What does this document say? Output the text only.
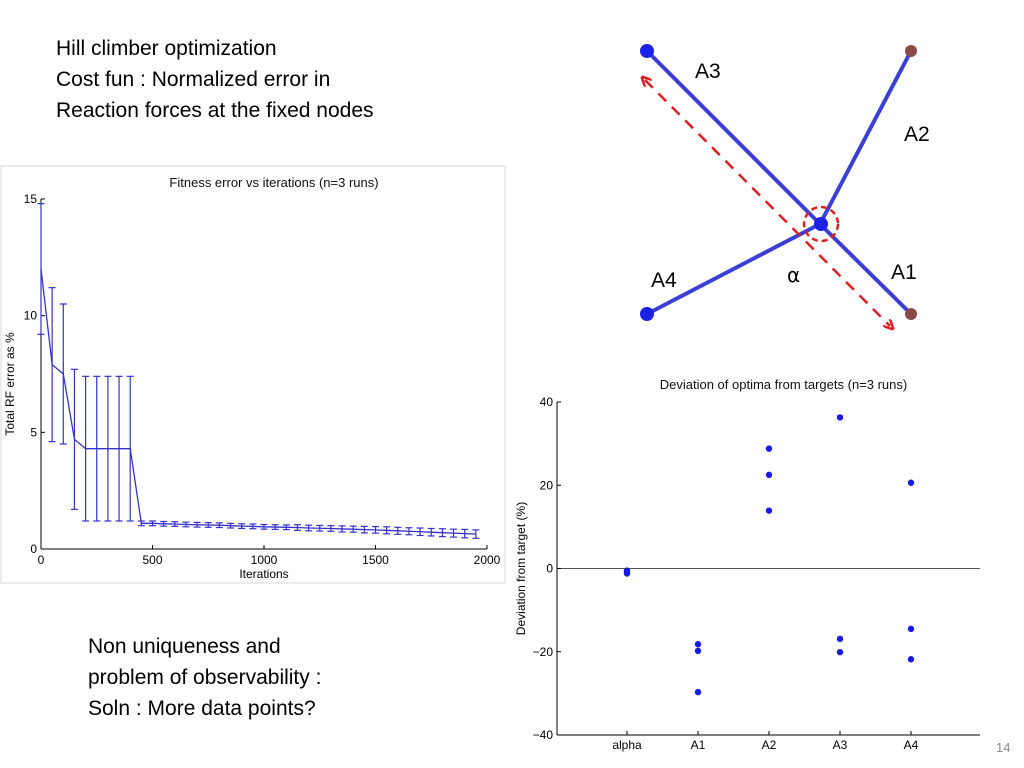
Hill climber optimization
Cost fun : Normalized error in
Reaction forces at the fixed nodes
Non uniqueness and
problem of observability :
Soln : More data points?
14
A3
A2
A1
A4	α
Fitness error vs iterations (n=3 runs)
0	500	1000	1500	2000
0
5
10
15
Iterations
Total RF error as %	Deviation of optima from targets (n=3 runs)
−40
−20
0
20
40
alpha	A1	A2	A3	A4
Deviation from target (%)
